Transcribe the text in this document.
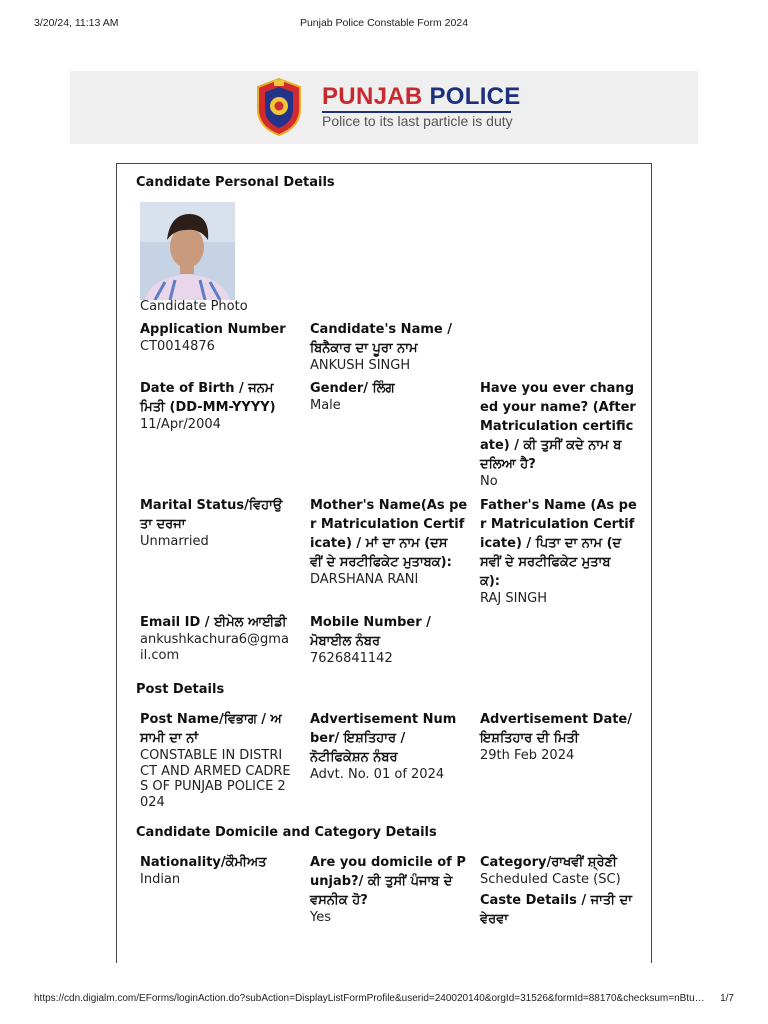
3/20/24, 11:13 AM	Punjab Police Constable Form 2024
PUNJAB POLICE
Police to its last particle is duty
Candidate Personal Details
Candidate Photo
Application Number
CT0014876
Candidate's Name /
ਬਿਨੈਕਾਰ ਦਾ ਪੂਰਾ ਨਾਮ
ANKUSH SINGH
Date of Birth / ਜਨਮ
ਮਿਤੀ (DD-MM-YYYY)
11/Apr/2004
Gender/ ਲਿੰਗ
Male
Have you ever chang
ed your name? (After
Matriculation certific
ate) / ਕੀ ਤੁਸੀਂ ਕਦੇ ਨਾਮ ਬ
ਦਲਿਆ ਹੈ?
No
Marital Status/ਵਿਹਾਉ
ਤਾ ਦਰਜਾ
Unmarried
Mother's Name(As pe
r Matriculation Certif
icate) / ਮਾਂ ਦਾ ਨਾਮ (ਦਸ
ਵੀਂ ਦੇ ਸਰਟੀਫਿਕੇਟ ਮੁਤਾਬਕ):
DARSHANA RANI
Father's Name (As pe
r Matriculation Certif
icate) / ਪਿਤਾ ਦਾ ਨਾਮ (ਦ
ਸਵੀਂ ਦੇ ਸਰਟੀਫਿਕੇਟ ਮੁਤਾਬ
ਕ):
RAJ SINGH
Email ID / ਈਮੇਲ ਆਈਡੀ
ankushkachura6@gma
il.com
Mobile Number /
ਮੋਬਾਈਲ ਨੰਬਰ
7626841142
Post Details
Post Name/ਵਿਭਾਗ / ਅ
ਸਾਮੀ ਦਾ ਨਾਂ
CONSTABLE IN DISTRI
CT AND ARMED CADRE
S OF PUNJAB POLICE 2
024
Advertisement Num
ber/ ਇਸ਼ਤਿਹਾਰ /
ਨੋਟੀਫਿਕੇਸ਼ਨ ਨੰਬਰ
Advt. No. 01 of 2024
Advertisement Date/
ਇਸ਼ਤਿਹਾਰ ਦੀ ਮਿਤੀ
29th Feb 2024
Candidate Domicile and Category Details
Nationality/ਕੌਮੀਅਤ
Indian
Are you domicile of P
unjab?/ ਕੀ ਤੁਸੀਂ ਪੰਜਾਬ ਦੇ
ਵਸਨੀਕ ਹੋ?
Yes
Category/ਰਾਖਵੀਂ ਸ਼੍ਰੇਣੀ
Scheduled Caste (SC)
Caste Details / ਜਾਤੀ ਦਾ
ਵੇਰਵਾ
https://cdn.digialm.com/EForms/loginAction.do?subAction=DisplayListFormProfile&userid=240020140&orgId=31526&formId=88170&checksum=nBtu…	1/7
